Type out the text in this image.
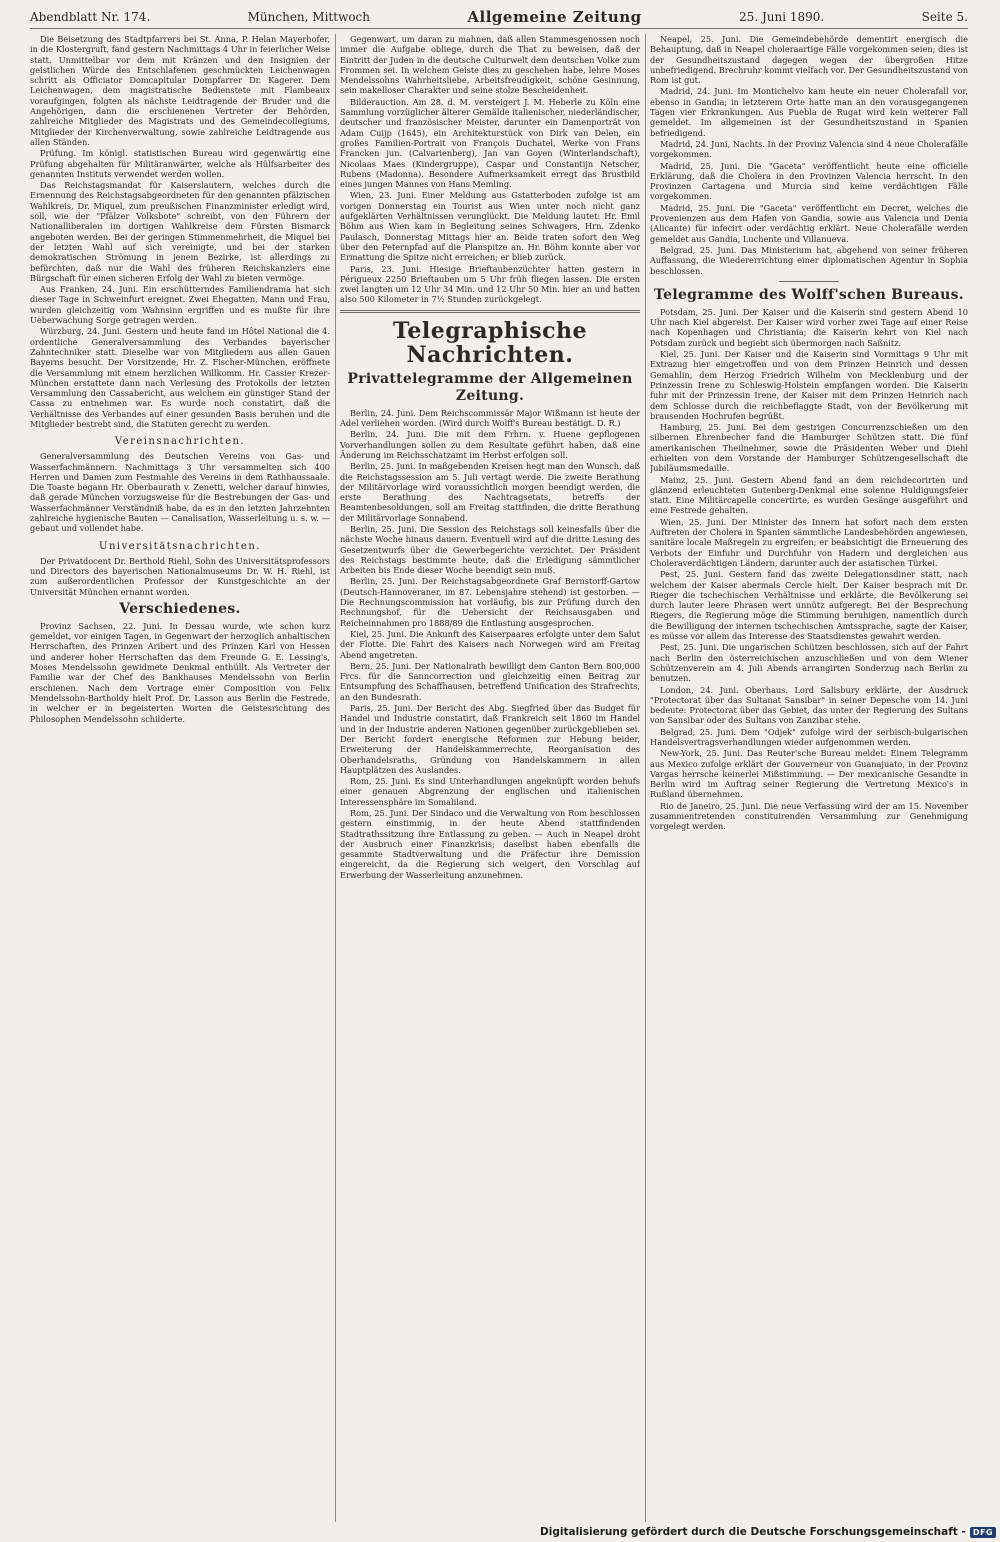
Abendblatt Nr. 174.	München, Mittwoch	Allgemeine Zeitung	25. Juni 1890.	Seite 5.

Die Beisetzung des Stadtpfarrers bei St. Anna, P. Helan Mayerhofer, in die Klostergruft, fand gestern Nachmittags 4 Uhr in feierlicher Weise statt. Unmittelbar vor dem mit Kränzen und den Insignien der geistlichen Würde des Entschlafenen geschmückten Leichenwagen schritt als Officiator Domcapitular Dompfarrer Dr. Kagerer. Dem Leichenwagen, dem magistratische Bedienstete mit Flambeaux voraufgingen, folgten als nächste Leidtragende der Bruder und die Angehörigen, dann die erschienenen Vertreter der Behörden, zahlreiche Mitglieder des Magistrats und des Gemeindecollegiums, Mitglieder der Kirchenverwaltung, sowie zahlreiche Leidtragende aus allen Ständen.

Prüfung. Im königl. statistischen Bureau wird gegenwärtig eine Prüfung abgehalten für Militäranwärter, welche als Hülfsarbeiter des genannten Instituts verwendet werden wollen.

Das Reichstagsmandat für Kaiserslautern, welches durch die Ernennung des Reichstagsabgeordneten für den genannten pfälzischen Wahlkreis, Dr. Miquel, zum preußischen Finanzminister erledigt wird, soll, wie der "Pfälzer Volksbote" schreibt, von den Führern der Nationalliberalen im dortigen Wahlkreise dem Fürsten Bismarck angeboten werden. Bei der geringen Stimmenmehrheit, die Miquel bei der letzten Wahl auf sich vereinigte, und bei der starken demokratischen Strömung in jenem Bezirke, ist allerdings zu befürchten, daß nur die Wahl des früheren Reichskanzlers eine Bürgschaft für einen sicheren Erfolg der Wahl zu bieten vermöge.

Aus Franken, 24. Juni. Ein erschütterndes Familiendrama hat sich dieser Tage in Schweinfurt ereignet. Zwei Ehegatten, Mann und Frau, wurden gleichzeitig vom Wahnsinn ergriffen und es mußte für ihre Ueberwachung Sorge getragen werden.

Würzburg, 24. Juni. Gestern und heute fand im Hôtel National die 4. ordentliche Generalversammlung des Verbandes bayerischer Zahntechniker statt. Dieselbe war von Mitgliedern aus allen Gauen Bayerns besucht. Der Vorsitzende, Hr. Z. Fischer-München, eröffnete die Versammlung mit einem herzlichen Willkomm. Hr. Cassier Krezer-München erstattete dann nach Verlesung des Protokolls der letzten Versammlung den Cassabericht, aus welchem ein günstiger Stand der Cassa zu entnehmen war. Es wurde noch constatirt, daß die Verhältnisse des Verbandes auf einer gesunden Basis beruhen und die Mitglieder bestrebt sind, die Statuten gerecht zu werden.

Vereinsnachrichten.

Generalversammlung des Deutschen Vereins von Gas- und Wasserfachmännern. Nachmittags 3 Uhr versammelten sich 400 Herren und Damen zum Festmahle des Vereins in dem Rathhaussaale. Die Toaste begann Hr. Oberbaurath v. Zenetti, welcher darauf hinwies, daß gerade München vorzugsweise für die Bestrebungen der Gas- und Wasserfachmänner Verständniß habe, da es in den letzten Jahrzehnten zahlreiche hygienische Bauten — Canalisation, Wasserleitung u. s. w. — gebaut und vollendet habe.

Universitätsnachrichten.

Der Privatdocent Dr. Berthold Riehl, Sohn des Universitätsprofessors und Directors des bayerischen Nationalmuseums Dr. W. H. Riehl, ist zum außerordentlichen Professor der Kunstgeschichte an der Universität München ernannt worden.

Verschiedenes.

Provinz Sachsen, 22. Juni. In Dessau wurde, wie schon kurz gemeldet, vor einigen Tagen, in Gegenwart der herzoglich anhaltischen Herrschaften, des Prinzen Aribert und des Prinzen Karl von Hessen und anderer hoher Herrschaften das dem Freunde G. E. Lessing's, Moses Mendelssohn gewidmete Denkmal enthüllt. Als Vertreter der Familie war der Chef des Bankhauses Mendelssohn von Berlin erschienen. Nach dem Vortrage einer Composition von Felix Mendelssohn-Bartholdy hielt Prof. Dr. Lasson aus Berlin die Festrede, in welcher er in begeisterten Worten die Geistesrichtung des Philosophen Mendelssohn schilderte.

Gegenwart, um daran zu mahnen, daß allen Stammesgenossen noch immer die Aufgabe obliege, durch die That zu beweisen, daß der Eintritt der Juden in die deutsche Culturwelt dem deutschen Volke zum Frommen sei. In welchem Geiste dies zu geschehen habe, lehre Moses Mendelssohns Wahrheitsliebe, Arbeitsfreudigkeit, schöne Gesinnung, sein makelloser Charakter und seine stolze Bescheidenheit.

Bilderauction. Am 28. d. M. versteigert J. M. Heberle zu Köln eine Sammlung vorzüglicher älterer Gemälde italienischer, niederländischer, deutscher und französischer Meister, darunter ein Damenporträt von Adam Cuijp (1645), ein Architekturstück von Dirk van Delen, ein großes Familien-Portrait von François Duchatel, Werke von Frans Francken jun. (Calvarienberg), Jan van Goyen (Winterlandschaft), Nicolaas Maes (Kindergruppe), Caspar und Constantijn Netscher, Rubens (Madonna). Besondere Aufmerksamkeit erregt das Brustbild eines jungen Mannes von Hans Memling.

Wien, 23. Juni. Einer Meldung aus Gstatterboden zufolge ist am vorigen Donnerstag ein Tourist aus Wien unter noch nicht ganz aufgeklärten Verhältnissen verunglückt. Die Meldung lautet: Hr. Emil Böhm aus Wien kam in Begleitung seines Schwagers, Hrn. Zdenko Paulasch, Donnerstag Mittags hier an. Beide traten sofort den Weg über den Peternpfad auf die Planspitze an. Hr. Böhm konnte aber vor Ermattung die Spitze nicht erreichen; er blieb zurück.

Paris, 23. Juni. Hiesige Brieftaubenzüchter hatten gestern in Périgueux 2250 Brieftauben um 5 Uhr früh fliegen lassen. Die ersten zwei langten um 12 Uhr 34 Min. und 12 Uhr 50 Min. hier an und hatten also 500 Kilometer in 7½ Stunden zurückgelegt.

Telegraphische Nachrichten.
Privattelegramme der Allgemeinen Zeitung.

Berlin, 24. Juni. Dem Reichscommissär Major Wißmann ist heute der Adel verliehen worden. (Wird durch Wolff's Bureau bestätigt. D. R.)

Berlin, 24. Juni. Die mit dem Frhrn. v. Huene gepflogenen Vorverhandlungen sollen zu dem Resultate geführt haben, daß eine Änderung im Reichsschatzamt im Herbst erfolgen soll.

Berlin, 25. Juni. In maßgebenden Kreisen hegt man den Wunsch, daß die Reichstagssession am 5. Juli vertagt werde. Die zweite Berathung der Militärvorlage wird voraussichtlich morgen beendigt werden, die erste Berathung des Nachtragsetats, betreffs der Beamtenbesoldungen, soll am Freitag stattfinden, die dritte Berathung der Militärvorlage Sonnabend.

Berlin, 25. Juni. Die Session des Reichstags soll keinesfalls über die nächste Woche hinaus dauern. Eventuell wird auf die dritte Lesung des Gesetzentwurfs über die Gewerbegerichte verzichtet. Der Präsident des Reichstags bestimmte heute, daß die Erledigung sämmtlicher Arbeiten bis Ende dieser Woche beendigt sein muß.

Berlin, 25. Juni. Der Reichstagsabgeordnete Graf Bernstorff-Gartow (Deutsch-Hannoveraner, im 87. Lebensjahre stehend) ist gestorben. — Die Rechnungscommission hat vorläufig, bis zur Prüfung durch den Rechnungshof, für die Uebersicht der Reichsausgaben und Reicheinnahmen pro 1888/89 die Entlastung ausgesprochen.

Kiel, 25. Juni. Die Ankunft des Kaiserpaares erfolgte unter dem Salut der Flotte. Die Fahrt des Kaisers nach Norwegen wird am Freitag Abend angetreten.

Bern, 25. Juni. Der Nationalrath bewilligt dem Canton Bern 800,000 Frcs. für die Sanncorrection und gleichzeitig einen Beitrag zur Entsumpfung des Schaffhausen, betreffend Unification des Strafrechts, an den Bundesrath.

Paris, 25. Juni. Der Bericht des Abg. Siegfried über das Budget für Handel und Industrie constatirt, daß Frankreich seit 1860 im Handel und in der Industrie anderen Nationen gegenüber zurückgeblieben sei. Der Bericht fordert energische Reformen zur Hebung beider, Erweiterung der Handelskammerrechte, Reorganisation des Oberhandelsraths, Gründung von Handelskammern in allen Hauptplätzen des Auslandes.

Rom, 25. Juni. Es sind Unterhandlungen angeknüpft worden behufs einer genauen Abgrenzung der englischen und italienischen Interessensphäre im Somaliland.

Rom, 25. Juni. Der Sindaco und die Verwaltung von Rom beschlossen gestern einstimmig, in der heute Abend stattfindenden Stadtrathssitzung ihre Entlassung zu geben. — Auch in Neapel droht der Ausbruch einer Finanzkrisis; daselbst haben ebenfalls die gesammte Stadtverwaltung und die Präfectur ihre Demission eingereicht, da die Regierung sich weigert, den Vorschlag auf Erwerbung der Wasserleitung anzunehmen.

Neapel, 25. Juni. Die Gemeindebehörde dementirt energisch die Behauptung, daß in Neapel choleraartige Fälle vorgekommen seien; dies ist der Gesundheitszustand dagegen wegen der übergroßen Hitze unbefriedigend. Brechruhr kommt vielfach vor. Der Gesundheitszustand von Rom ist gut.

Madrid, 24. Juni. Im Montichelvo kam heute ein neuer Cholerafall vor, ebenso in Gandia; in letzterem Orte hatte man an den vorausgegangenen Tagen vier Erkrankungen. Aus Puebla de Rugat wird kein weiterer Fall gemeldet. Im allgemeinen ist der Gesundheitszustand in Spanien befriedigend.

Madrid, 24. Juni, Nachts. In der Provinz Valencia sind 4 neue Cholerafälle vorgekommen.

Madrid, 25. Juni. Die "Gaceta" veröffentlicht heute eine officielle Erklärung, daß die Cholera in den Provinzen Valencia herrscht. In den Provinzen Cartagena und Murcia sind keine verdächtigen Fälle vorgekommen.

Madrid, 25. Juni. Die "Gaceta" veröffentlicht ein Decret, welches die Provenienzen aus dem Hafen von Gandia, sowie aus Valencia und Denia (Alicante) für infecirt oder verdächtig erklärt. Neue Cholerafälle werden gemeldet aus Gandia, Luchente und Villanueva.

Belgrad, 25. Juni. Das Ministerium hat, abgehend von seiner früheren Auffassung, die Wiedererrichtung einer diplomatischen Agentur in Sophia beschlossen.

Telegramme des Wolff'schen Bureaus.

Potsdam, 25. Juni. Der Kaiser und die Kaiserin sind gestern Abend 10 Uhr nach Kiel abgereist. Der Kaiser wird vorher zwei Tage auf einer Reise nach Kopenhagen und Christiania; die Kaiserin kehrt von Kiel nach Potsdam zurück und begiebt sich übermorgen nach Saßnitz.

Kiel, 25. Juni. Der Kaiser und die Kaiserin sind Vormittags 9 Uhr mit Extrazug hier eingetroffen und von dem Prinzen Heinrich und dessen Gemahlin, dem Herzog Friedrich Wilhelm von Mecklenburg und der Prinzessin Irene zu Schleswig-Holstein empfangen worden. Die Kaiserin fuhr mit der Prinzessin Irene, der Kaiser mit dem Prinzen Heinrich nach dem Schlosse durch die reichbeflaggte Stadt, von der Bevölkerung mit brausenden Hochrufen begrüßt.

Hamburg, 25. Juni. Bei dem gestrigen Concurrenzschießen um den silbernen Ehrenbecher fand die Hamburger Schützen statt. Die fünf amerikanischen Theilnehmer, sowie die Präsidenten Weber und Diehl erhielten von dem Vorstande der Hamburger Schützengesellschaft die Jubiläumsmedaille.

Mainz, 25. Juni. Gestern Abend fand an dem reichdecorirten und glänzend erleuchteten Gutenberg-Denkmal eine solenne Huldigungsfeier statt. Eine Militärcapelle concertirte, es wurden Gesänge ausgeführt und eine Festrede gehalten.

Wien, 25. Juni. Der Minister des Innern hat sofort nach dem ersten Auftreten der Cholera in Spanien sämmtliche Landesbehörden angewiesen, sanitäre locale Maßregeln zu ergreifen; er beabsichtigt die Erneuerung des Verbots der Einfuhr und Durchfuhr von Hadern und dergleichen aus Choleraverdächtigen Ländern, darunter auch der asiatischen Türkei.

Pest, 25. Juni. Gestern fand das zweite Delegationsdiner statt, nach welchem der Kaiser abermals Cercle hielt. Der Kaiser besprach mit Dr. Rieger die tschechischen Verhältnisse und erklärte, die Bevölkerung sei durch lauter leere Phrasen wert unnütz aufgeregt. Bei der Besprechung Riegers, die Regierung möge die Stimmung beruhigen, namentlich durch die Bewilligung der internen tschechischen Amtssprache, sagte der Kaiser, es müsse vor allem das Interesse des Staatsdienstes gewahrt werden.

Pest, 25. Juni. Die ungarischen Schützen beschlossen, sich auf der Fahrt nach Berlin den österreichischen anzuschließen und von dem Wiener Schützenverein am 4. Juli Abends arrangirten Sonderzug nach Berlin zu benutzen.

London, 24. Juni. Oberhaus. Lord Salisbury erklärte, der Ausdruck "Protectorat über das Sultanat Sansibar" in seiner Depesche vom 14. Juni bedeute: Protectorat über das Gebiet, das unter der Regierung des Sultans von Sansibar oder des Sultans von Zanzibar stehe.

Belgrad, 25. Juni. Dem "Odjek" zufolge wird der serbisch-bulgarischen Handelsvertragsverhandlungen wieder aufgenommen werden.

New-York, 25. Juni. Das Reuter'sche Bureau meldet: Einem Telegramm aus Mexico zufolge erklärt der Gouverneur von Guanajuato, in der Provinz Vargas herrsche keinerlei Mißstimmung. — Der mexicanische Gesandte in Berlin wird im Auftrag seiner Regierung die Vertretung Mexico's in Rußland übernehmen.

Rio de Janeiro, 25. Juni. Die neue Verfassung wird der am 15. November zusammentretenden constituirenden Versammlung zur Genehmigung vorgelegt werden.

Digitalisierung gefördert durch die Deutsche Forschungsgemeinschaft - DFG
